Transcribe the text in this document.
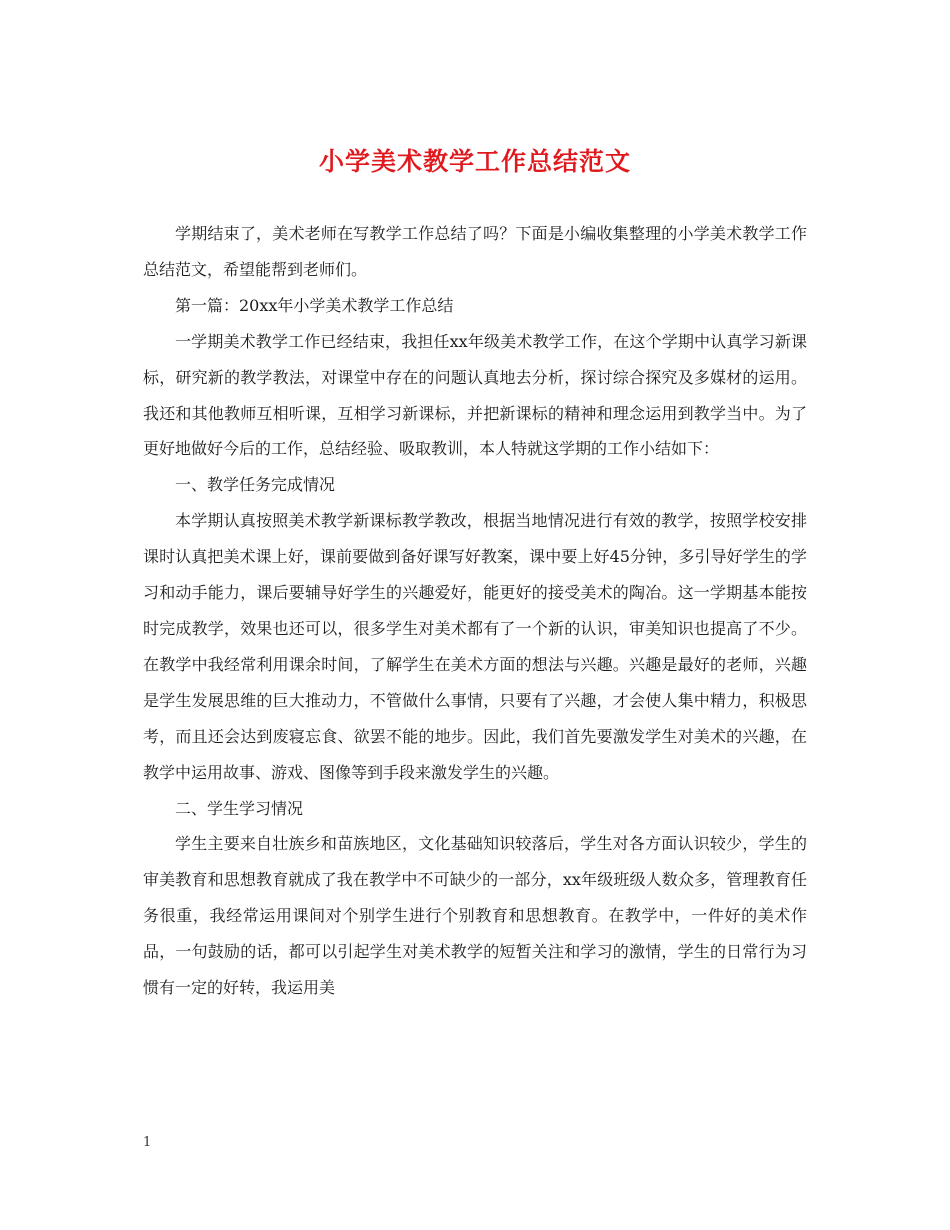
小学美术教学工作总结范文

学期结束了，美术老师在写教学工作总结了吗？下面是小编收集整理的小学美术教学工作总结范文，希望能帮到老师们。

第一篇：20xx年小学美术教学工作总结

一学期美术教学工作已经结束，我担任xx年级美术教学工作，在这个学期中认真学习新课标，研究新的教学教法，对课堂中存在的问题认真地去分析，探讨综合探究及多媒材的运用。我还和其他教师互相听课，互相学习新课标，并把新课标的精神和理念运用到教学当中。为了更好地做好今后的工作，总结经验、吸取教训，本人特就这学期的工作小结如下：

一、教学任务完成情况

本学期认真按照美术教学新课标教学教改，根据当地情况进行有效的教学，按照学校安排课时认真把美术课上好，课前要做到备好课写好教案，课中要上好45分钟，多引导好学生的学习和动手能力，课后要辅导好学生的兴趣爱好，能更好的接受美术的陶冶。这一学期基本能按时完成教学，效果也还可以，很多学生对美术都有了一个新的认识，审美知识也提高了不少。在教学中我经常利用课余时间，了解学生在美术方面的想法与兴趣。兴趣是最好的老师，兴趣是学生发展思维的巨大推动力，不管做什么事情，只要有了兴趣，才会使人集中精力，积极思考，而且还会达到废寝忘食、欲罢不能的地步。因此，我们首先要激发学生对美术的兴趣，在教学中运用故事、游戏、图像等到手段来激发学生的兴趣。

二、学生学习情况

学生主要来自壮族乡和苗族地区，文化基础知识较落后，学生对各方面认识较少，学生的审美教育和思想教育就成了我在教学中不可缺少的一部分，xx年级班级人数众多，管理教育任务很重，我经常运用课间对个别学生进行个别教育和思想教育。在教学中，一件好的美术作品，一句鼓励的话，都可以引起学生对美术教学的短暂关注和学习的激情，学生的日常行为习惯有一定的好转，我运用美

1
